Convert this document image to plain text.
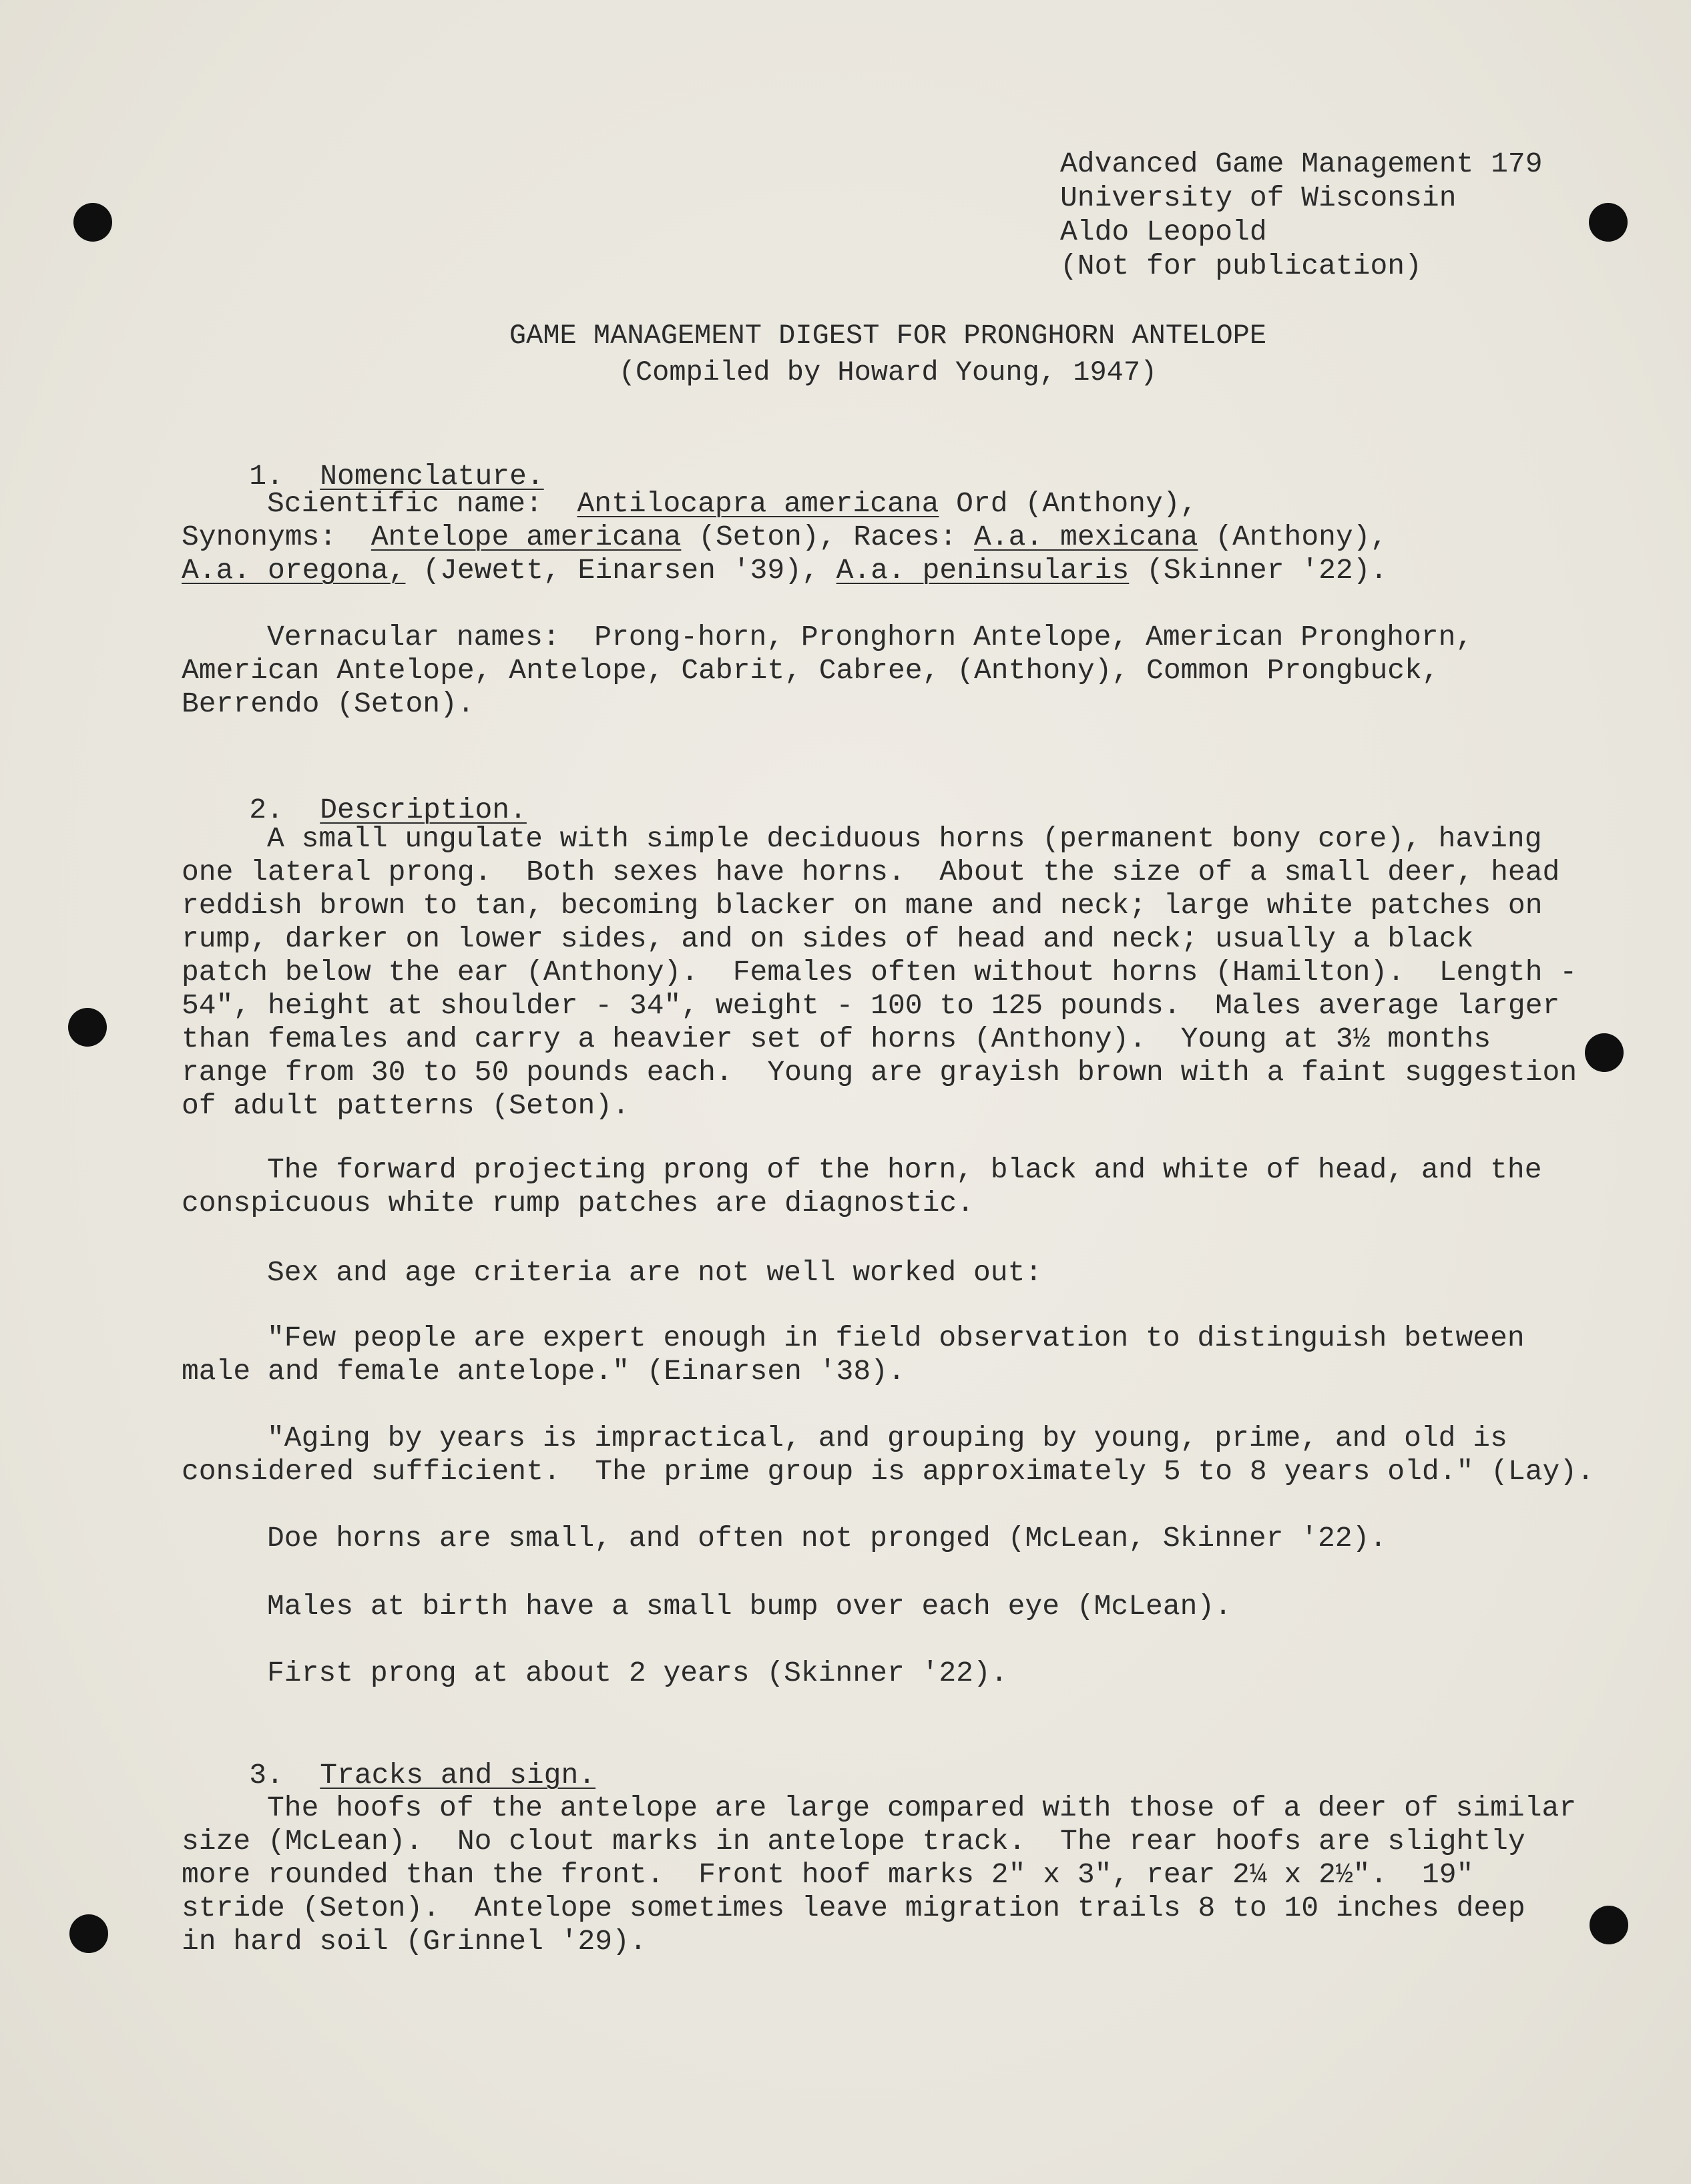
Advanced Game Management 179
University of Wisconsin
Aldo Leopold
(Not for publication)
GAME MANAGEMENT DIGEST FOR PRONGHORN ANTELOPE
(Compiled by Howard Young, 1947)

1. Nomenclature.

Scientific name: Antilocapra americana Ord (Anthony),
Synonyms: Antelope americana (Seton), Races: A.a. mexicana (Anthony),
A.a. oregona, (Jewett, Einarsen '39), A.a. peninsularis (Skinner '22).
Vernacular names:  Prong-horn, Pronghorn Antelope, American Pronghorn,
American Antelope, Antelope, Cabrit, Cabree, (Anthony), Common Prongbuck,
Berrendo (Seton).

2. Description.

A small ungulate with simple deciduous horns (permanent bony core), having
one lateral prong.  Both sexes have horns.  About the size of a small deer, head
reddish brown to tan, becoming blacker on mane and neck; large white patches on
rump, darker on lower sides, and on sides of head and neck; usually a black
patch below the ear (Anthony).  Females often without horns (Hamilton).  Length -
54", height at shoulder - 34", weight - 100 to 125 pounds.  Males average larger
than females and carry a heavier set of horns (Anthony).  Young at 3½ months
range from 30 to 50 pounds each.  Young are grayish brown with a faint suggestion
of adult patterns (Seton).
The forward projecting prong of the horn, black and white of head, and the
conspicuous white rump patches are diagnostic.
Sex and age criteria are not well worked out:
"Few people are expert enough in field observation to distinguish between
male and female antelope." (Einarsen '38).
"Aging by years is impractical, and grouping by young, prime, and old is
considered sufficient.  The prime group is approximately 5 to 8 years old." (Lay).
Doe horns are small, and often not pronged (McLean, Skinner '22).
Males at birth have a small bump over each eye (McLean).
First prong at about 2 years (Skinner '22).

3. Tracks and sign.

The hoofs of the antelope are large compared with those of a deer of similar
size (McLean).  No clout marks in antelope track.  The rear hoofs are slightly
more rounded than the front.  Front hoof marks 2" x 3", rear 2¼ x 2½".  19"
stride (Seton).  Antelope sometimes leave migration trails 8 to 10 inches deep
in hard soil (Grinnel '29).
